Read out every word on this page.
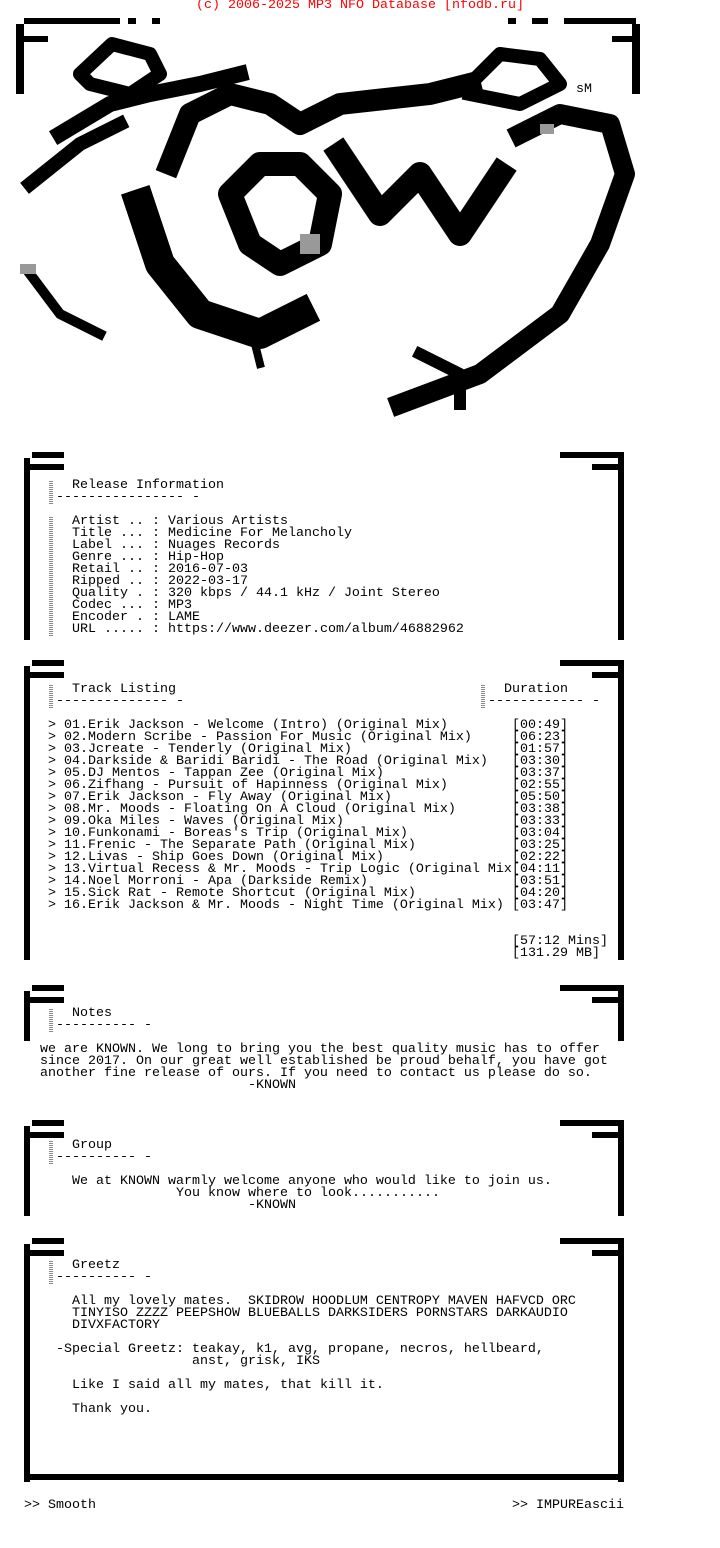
(c) 2006-2025 MP3 NFO Database [nfodb.ru]
sM
Release Information
---------------- -
Artist .. : Various Artists
Title ... : Medicine For Melancholy
Label ... : Nuages Records
Genre ... : Hip-Hop
Retail .. : 2016-07-03
Ripped .. : 2022-03-17
Quality . : 320 kbps / 44.1 kHz / Joint Stereo
Codec ... : MP3
Encoder . : LAME
URL ..... : https://www.deezer.com/album/46882962
Track Listing
-------------- -
Duration
------------ -
> 01.Erik Jackson - Welcome (Intro) (Original Mix)	[00:49]
> 02.Modern Scribe - Passion For Music (Original Mix)	[06:23]
> 03.Jcreate - Tenderly (Original Mix)	[01:57]
> 04.Darkside & Baridi Baridi - The Road (Original Mix) [03:30]
> 05.DJ Mentos - Tappan Zee (Original Mix)	[03:37]
> 06.Zifhang - Pursuit of Hapinness (Original Mix)	[02:55]
> 07.Erik Jackson - Fly Away (Original Mix)	[05:50]
> 08.Mr. Moods - Floating On A Cloud (Original Mix)	[03:38]
> 09.Oka Miles - Waves (Original Mix)	[03:33]
> 10.Funkonami - Boreas's Trip (Original Mix)	[03:04]
> 11.Frenic - The Separate Path (Original Mix)	[03:25]
> 12.Livas - Ship Goes Down (Original Mix)	[02:22]
> 13.Virtual Recess & Mr. Moods - Trip Logic (Original Mix [04:11]
> 14.Noel Morroni - Apa (Darkside Remix)	[03:51]
> 15.Sick Rat - Remote Shortcut (Original Mix)	[04:20]
> 16.Erik Jackson & Mr. Moods - Night Time (Original Mix) [03:47]
[57:12 Mins]
[131.29 MB]
Notes
---------- -
we are KNOWN. We long to bring you the best quality music has to offer
since 2017. On our great well established be proud behalf, you have got
another fine release of ours. If you need to contact us please do so.
-KNOWN
Group
---------- -
We at KNOWN warmly welcome anyone who would like to join us.
You know where to look...........
-KNOWN
Greetz
---------- -
All my lovely mates.  SKIDROW HOODLUM CENTROPY MAVEN HAFVCD ORC
TINYISO ZZZZ PEEPSHOW BLUEBALLS DARKSIDERS PORNSTARS DARKAUDIO
DIVXFACTORY
-Special Greetz: teakay, k1, avg, propane, necros, hellbeard,
anst, grisk, IKS
Like I said all my mates, that kill it.
Thank you.
>> Smooth	>> IMPUREascii
